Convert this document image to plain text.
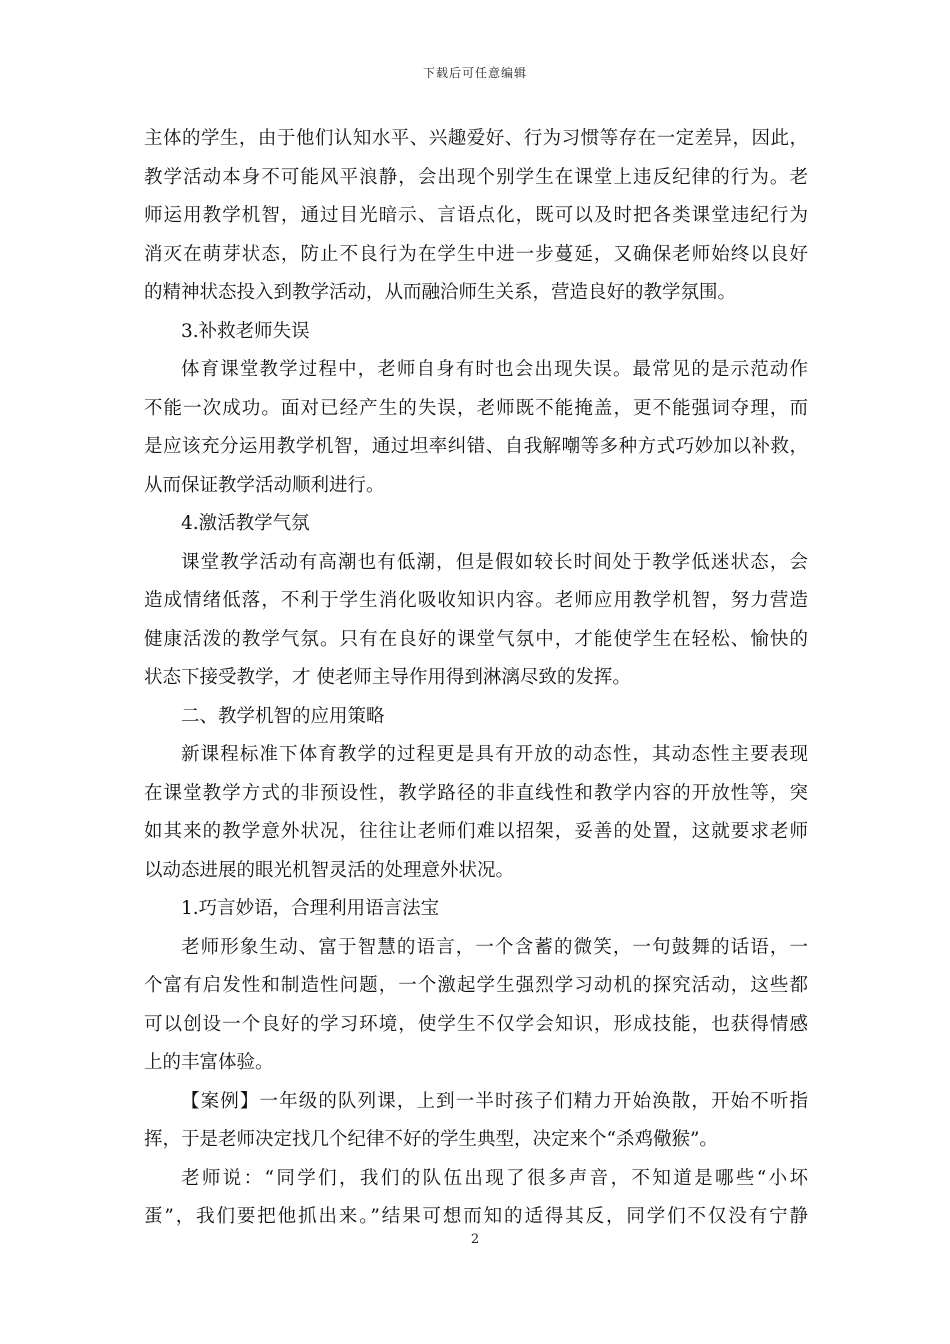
下载后可任意编辑
主体的学生，由于他们认知水平、兴趣爱好、行为习惯等存在一定差异，因此，
教学活动本身不可能风平浪静，会出现个别学生在课堂上违反纪律的行为。老
师运用教学机智，通过目光暗示、言语点化，既可以及时把各类课堂违纪行为
消灭在萌芽状态，防止不良行为在学生中进一步蔓延，又确保老师始终以良好
的精神状态投入到教学活动，从而融洽师生关系，营造良好的教学氛围。
3.补救老师失误
体育课堂教学过程中，老师自身有时也会出现失误。最常见的是示范动作
不能一次成功。面对已经产生的失误，老师既不能掩盖，更不能强词夺理，而
是应该充分运用教学机智，通过坦率纠错、自我解嘲等多种方式巧妙加以补救，
从而保证教学活动顺利进行。
4.激活教学气氛
课堂教学活动有高潮也有低潮，但是假如较长时间处于教学低迷状态，会
造成情绪低落，不利于学生消化吸收知识内容。老师应用教学机智，努力营造
健康活泼的教学气氛。只有在良好的课堂气氛中，才能使学生在轻松、愉快的
状态下接受教学，才 使老师主导作用得到淋漓尽致的发挥。
二、教学机智的应用策略
新课程标准下体育教学的过程更是具有开放的动态性，其动态性主要表现
在课堂教学方式的非预设性，教学路径的非直线性和教学内容的开放性等，突
如其来的教学意外状况，往往让老师们难以招架，妥善的处置，这就要求老师
以动态进展的眼光机智灵活的处理意外状况。
1.巧言妙语，合理利用语言法宝
老师形象生动、富于智慧的语言，一个含蓄的微笑，一句鼓舞的话语，一
个富有启发性和制造性问题，一个激起学生强烈学习动机的探究活动，这些都
可以创设一个良好的学习环境，使学生不仅学会知识，形成技能，也获得情感
上的丰富体验。
【案例】一年级的队列课，上到一半时孩子们精力开始涣散，开始不听指
挥，于是老师决定找几个纪律不好的学生典型，决定来个“杀鸡儆猴”。
老师说：“同学们，我们的队伍出现了很多声音，不知道是哪些“小坏
蛋”，我们要把他抓出来。”结果可想而知的适得其反，同学们不仅没有宁静
2
